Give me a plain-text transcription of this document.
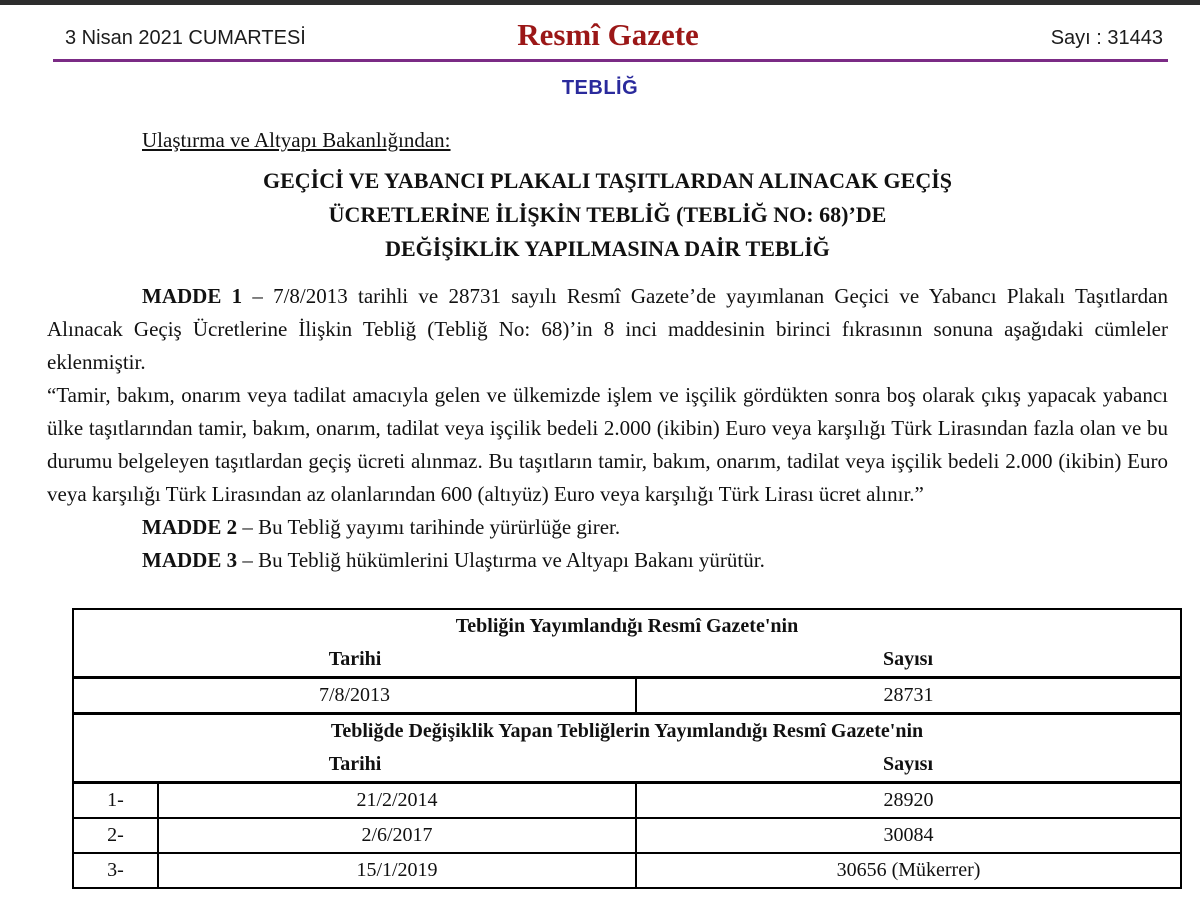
3 Nisan 2021 CUMARTESİ	Resmî Gazete	Sayı : 31443
TEBLİĞ
Ulaştırma ve Altyapı Bakanlığından:
GEÇİCİ VE YABANCI PLAKALI TAŞITLARDAN ALINACAK GEÇİŞ
ÜCRETLERİNE İLİŞKİN TEBLİĞ (TEBLİĞ NO: 68)’DE
DEĞİŞİKLİK YAPILMASINA DAİR TEBLİĞ

MADDE 1 – 7/8/2013 tarihli ve 28731 sayılı Resmî Gazete’de yayımlanan Geçici ve Yabancı Plakalı Taşıtlardan Alınacak Geçiş Ücretlerine İlişkin Tebliğ (Tebliğ No: 68)’in 8 inci maddesinin birinci fıkrasının sonuna aşağıdaki cümleler eklenmiştir.

“Tamir, bakım, onarım veya tadilat amacıyla gelen ve ülkemizde işlem ve işçilik gördükten sonra boş olarak çıkış yapacak yabancı ülke taşıtlarından tamir, bakım, onarım, tadilat veya işçilik bedeli 2.000 (ikibin) Euro veya karşılığı Türk Lirasından fazla olan ve bu durumu belgeleyen taşıtlardan geçiş ücreti alınmaz. Bu taşıtların tamir, bakım, onarım, tadilat veya işçilik bedeli 2.000 (ikibin) Euro veya karşılığı Türk Lirasından az olanlarından 600 (altıyüz) Euro veya karşılığı Türk Lirası ücret alınır.”

MADDE 2 – Bu Tebliğ yayımı tarihinde yürürlüğe girer.

MADDE 3 – Bu Tebliğ hükümlerini Ulaştırma ve Altyapı Bakanı yürütür.

Tebliğin Yayımlandığı Resmî Gazete'nin		
Tarihi		Sayısı
7/8/2013		28731
Tebliğde Değişiklik Yapan Tebliğlerin Yayımlandığı Resmî Gazete'nin		
Tarihi		Sayısı
1-	21/2/2014	28920
2-	2/6/2017	30084
3-	15/1/2019	30656 (Mükerrer)
